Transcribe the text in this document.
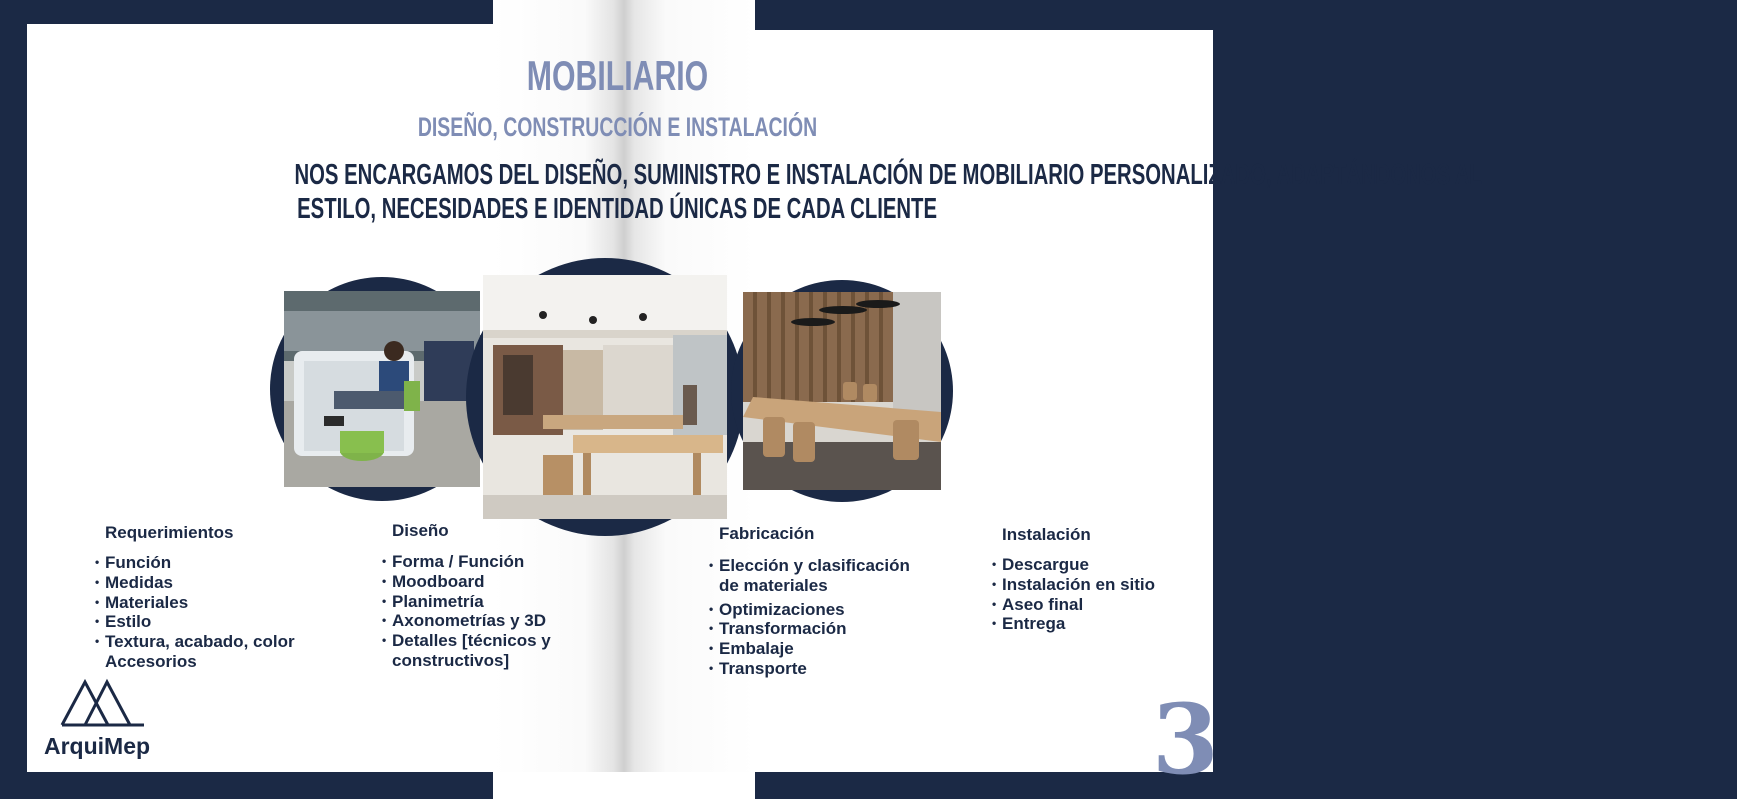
MOBILIARIO
DISEÑO, CONSTRUCCIÓN E INSTALACIÓN
NOS ENCARGAMOS DEL DISEÑO, SUMINISTRO E INSTALACIÓN DE MOBILIARIO PERSONALIZADO, ADAPTÁNDONOS AL
ESTILO, NECESIDADES E IDENTIDAD ÚNICAS DE CADA CLIENTE
Requerimientos
• Función
• Medidas
• Materiales
• Estilo
• Textura, acabado, color
Accesorios
Diseño
• Forma / Función
• Moodboard
• Planimetría
• Axonometrías y 3D
• Detalles [técnicos y
constructivos]
Fabricación
• Elección y clasificación
de materiales
• Optimizaciones
• Transformación
• Embalaje
• Transporte
Instalación
• Descargue
• Instalación en sitio
• Aseo final
• Entrega
ArquiMep	3
